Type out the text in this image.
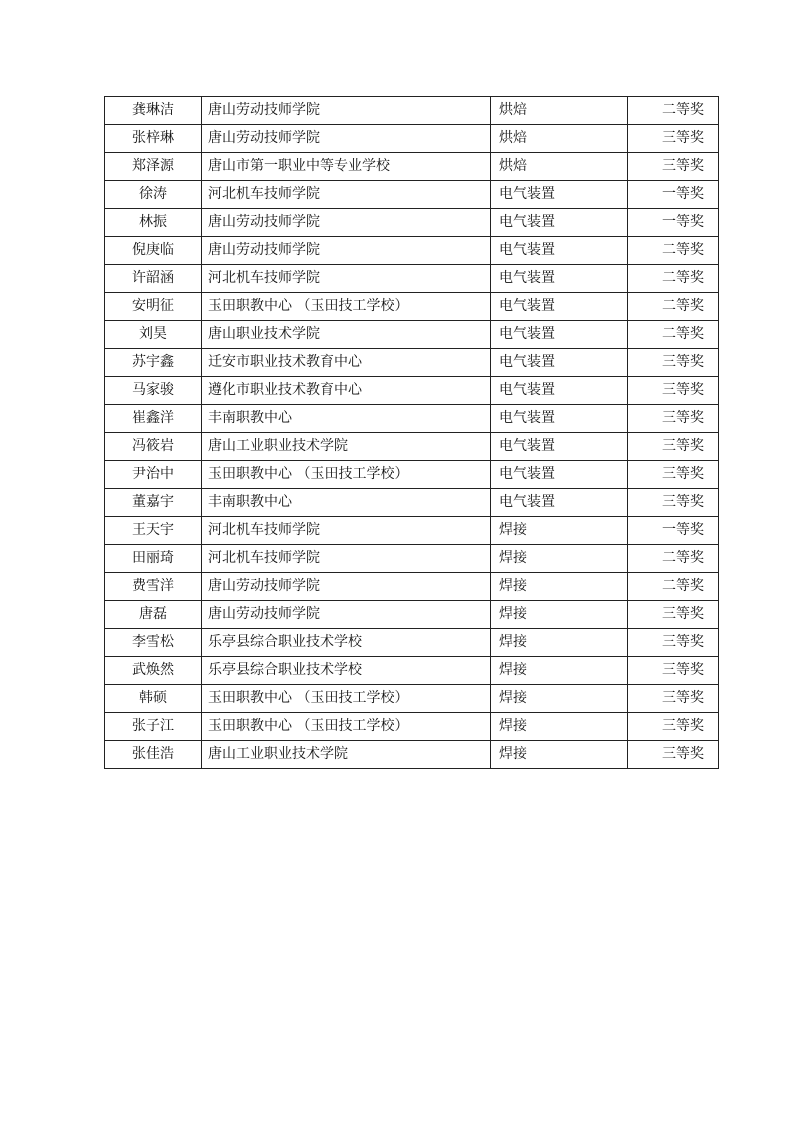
龚琳洁	唐山劳动技师学院	烘焙	二等奖
张梓琳	唐山劳动技师学院	烘焙	三等奖
郑泽源	唐山市第一职业中等专业学校	烘焙	三等奖
徐涛	河北机车技师学院	电气装置	一等奖
林振	唐山劳动技师学院	电气装置	一等奖
倪庚临	唐山劳动技师学院	电气装置	二等奖
许韶涵	河北机车技师学院	电气装置	二等奖
安明征	玉田职教中心 （玉田技工学校）	电气装置	二等奖
刘昊	唐山职业技术学院	电气装置	二等奖
苏宇鑫	迁安市职业技术教育中心	电气装置	三等奖
马家骏	遵化市职业技术教育中心	电气装置	三等奖
崔鑫洋	丰南职教中心	电气装置	三等奖
冯筱岩	唐山工业职业技术学院	电气装置	三等奖
尹治中	玉田职教中心 （玉田技工学校）	电气装置	三等奖
董嘉宇	丰南职教中心	电气装置	三等奖
王天宇	河北机车技师学院	焊接	一等奖
田丽琦	河北机车技师学院	焊接	二等奖
费雪洋	唐山劳动技师学院	焊接	二等奖
唐磊	唐山劳动技师学院	焊接	三等奖
李雪松	乐亭县综合职业技术学校	焊接	三等奖
武焕然	乐亭县综合职业技术学校	焊接	三等奖
韩硕	玉田职教中心 （玉田技工学校）	焊接	三等奖
张子江	玉田职教中心 （玉田技工学校）	焊接	三等奖
张佳浩	唐山工业职业技术学院	焊接	三等奖
